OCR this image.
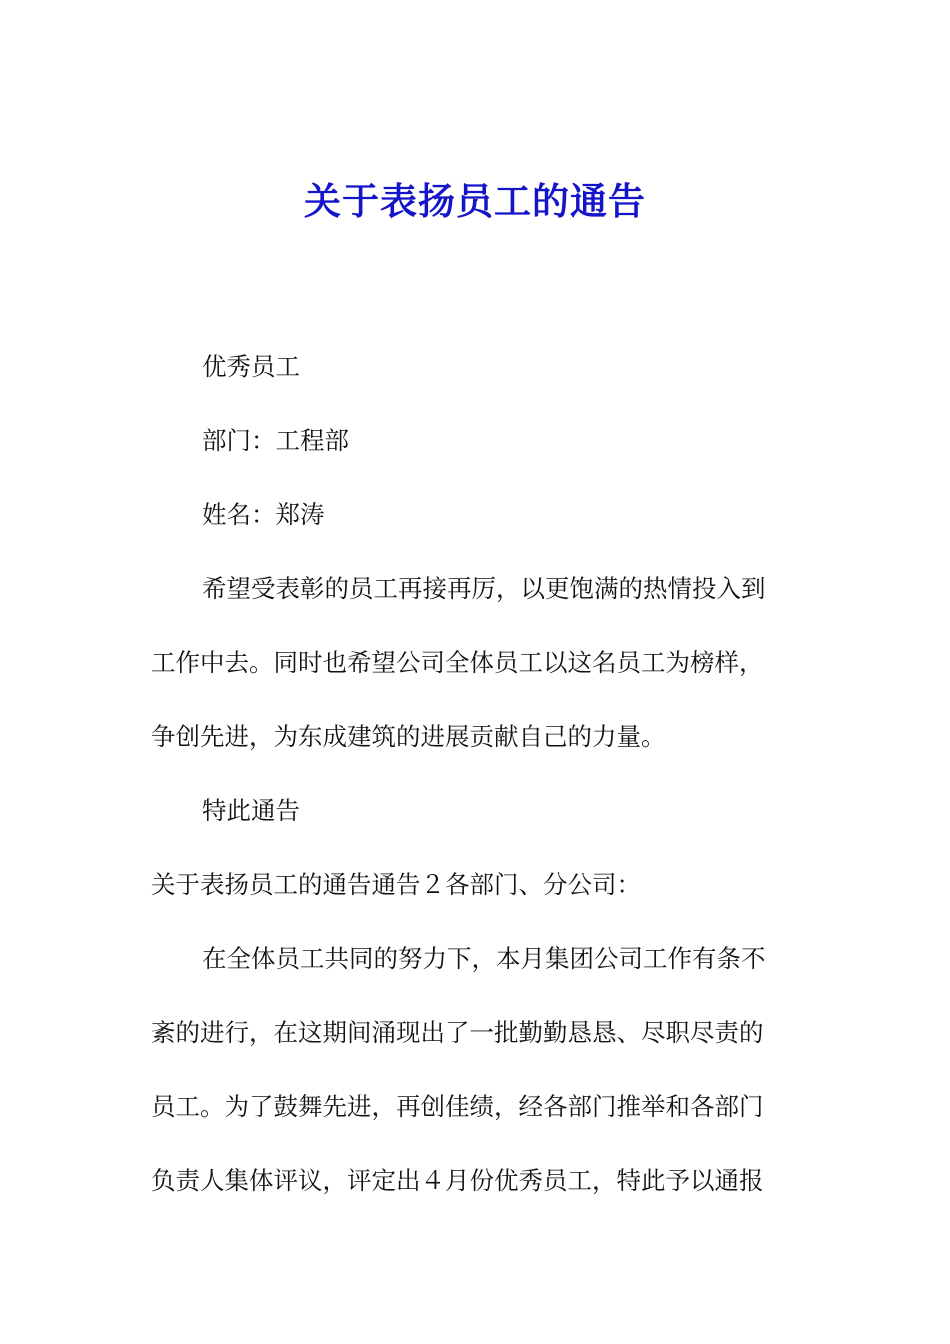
关于表扬员工的通告

优秀员工

部门：工程部

姓名：郑涛

希望受表彰的员工再接再厉，以更饱满的热情投入到

工作中去。同时也希望公司全体员工以这名员工为榜样，

争创先进，为东成建筑的进展贡献自己的力量。

特此通告

关于表扬员工的通告通告２各部门、分公司：

在全体员工共同的努力下，本月集团公司工作有条不

紊的进行，在这期间涌现出了一批勤勤恳恳、尽职尽责的

员工。为了鼓舞先进，再创佳绩，经各部门推举和各部门

负责人集体评议，评定出４月份优秀员工，特此予以通报
